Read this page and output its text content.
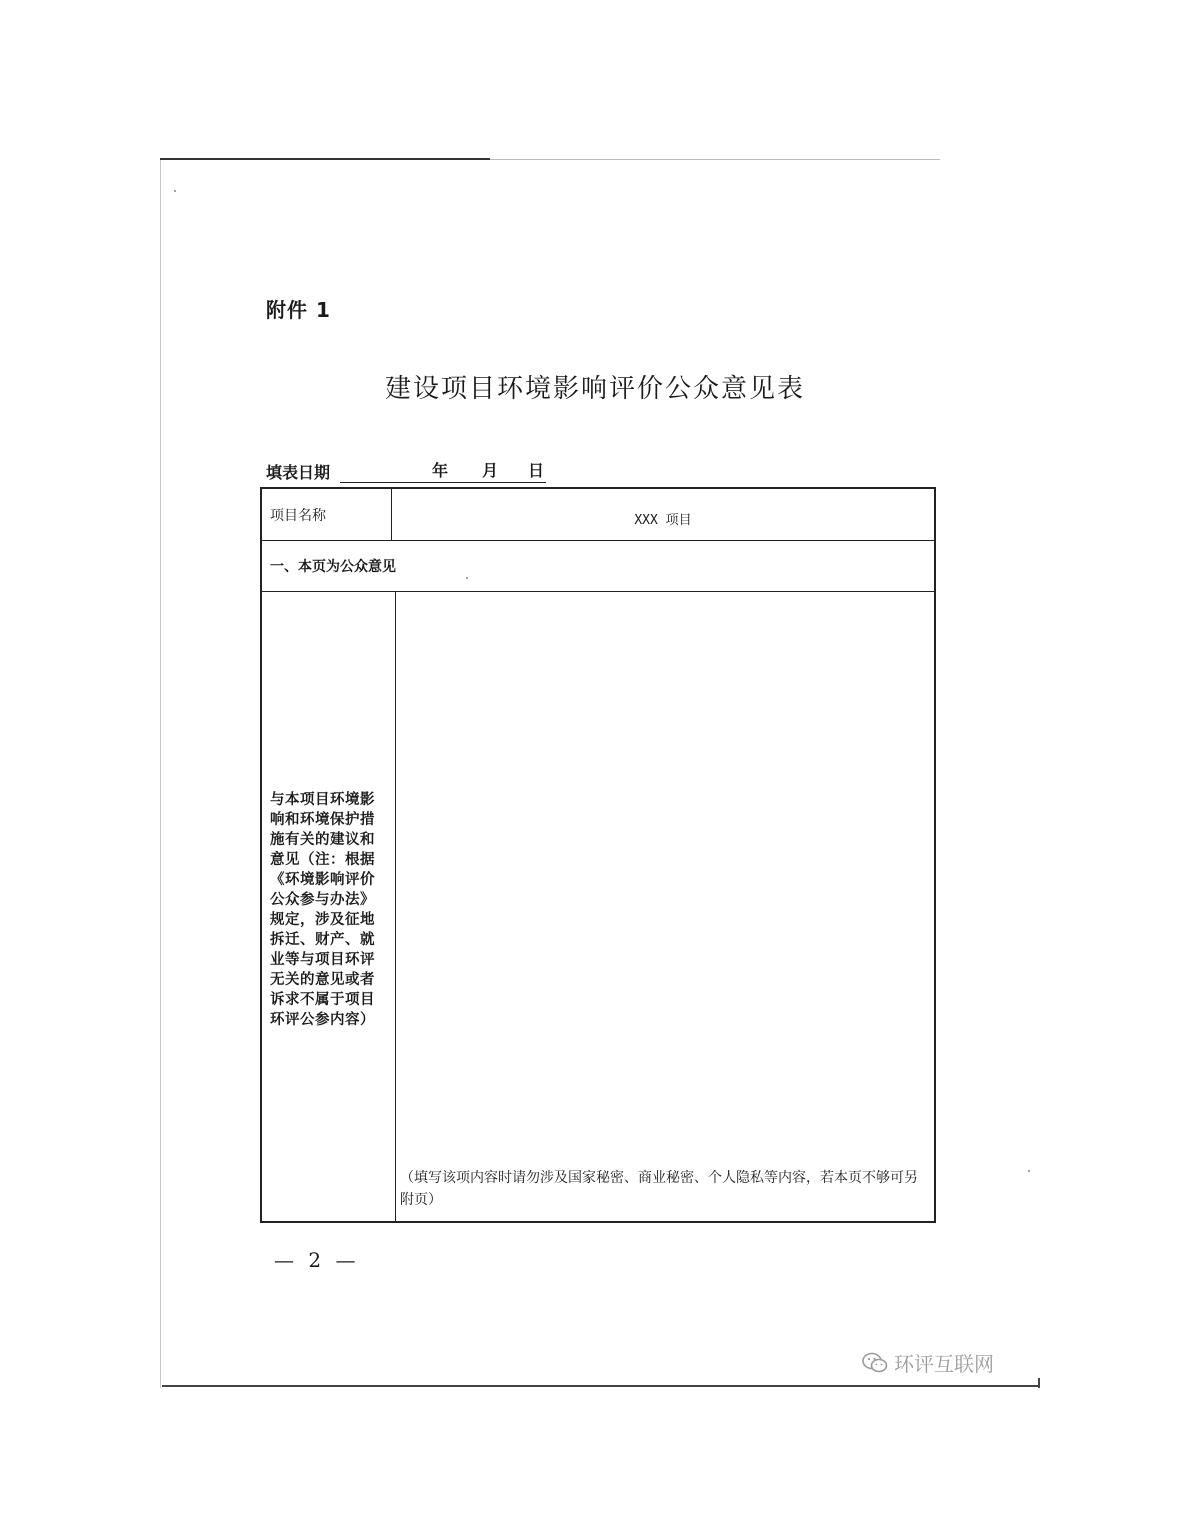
附件 1
建设项目环境影响评价公众意见表
填表日期	年 月 日
项目名称	XXX 项目
一、本页为公众意见
与本项目环境影响和环境保护措施有关的建议和意见（注：根据《环境影响评价公众参与办法》规定，涉及征地拆迁、财产、就业等与项目环评无关的意见或者诉求不属于项目环评公参内容）
（填写该项内容时请勿涉及国家秘密、商业秘密、个人隐私等内容，若本页不够可另附页）
— 2 —
环评互联网
